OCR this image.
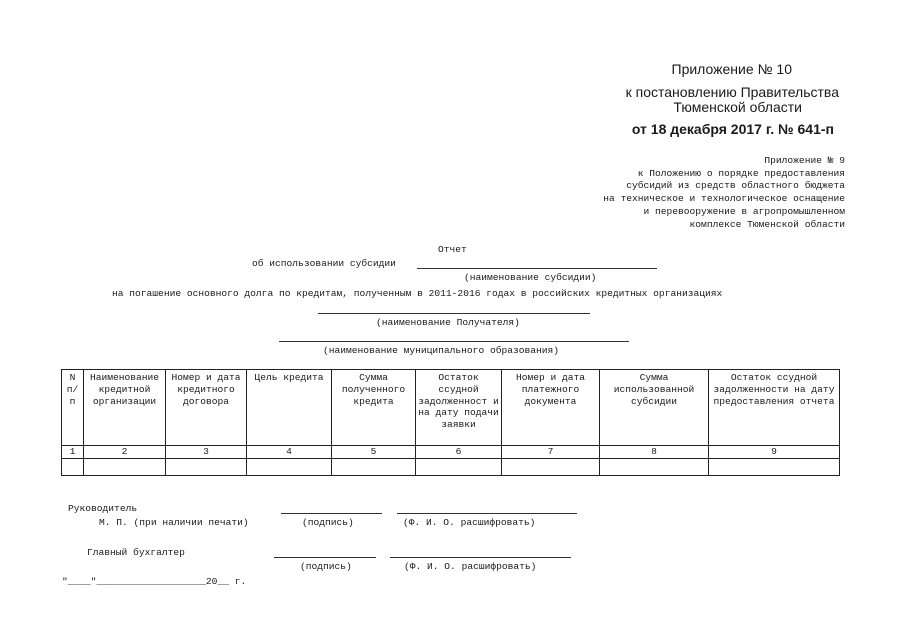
Приложение № 10
к постановлению Правительства
Тюменской области
от 18 декабря 2017 г. № 641-п
Приложение № 9
к Положению о порядке предоставления
субсидий из средств областного бюджета
на техническое и технологическое оснащение
и перевооружение в агропромышленном
комплексе Тюменской области
Отчет
об использовании субсидии
(наименование субсидии)
на погашение основного долга по кредитам, полученным в 2011-2016 годах в российских кредитных организациях
(наименование Получателя)
(наименование муниципального образования)
N п/ п	Наименование кредитной организации	Номер и дата кредитного договора	Цель кредита	Сумма полученного кредита	Остаток ссудной задолженност и на дату подачи заявки	Номер и дата платежного документа	Сумма использованной субсидии	Остаток ссудной задолженности на дату предоставления отчета
1	2	3	4	5	6	7	8	9

Руководитель
М. П. (при наличии печати)	(подпись)	(Ф. И. О. расшифровать)
Главный бухгалтер
(подпись)	(Ф. И. О. расшифровать)
"____"___________________20__ г.
